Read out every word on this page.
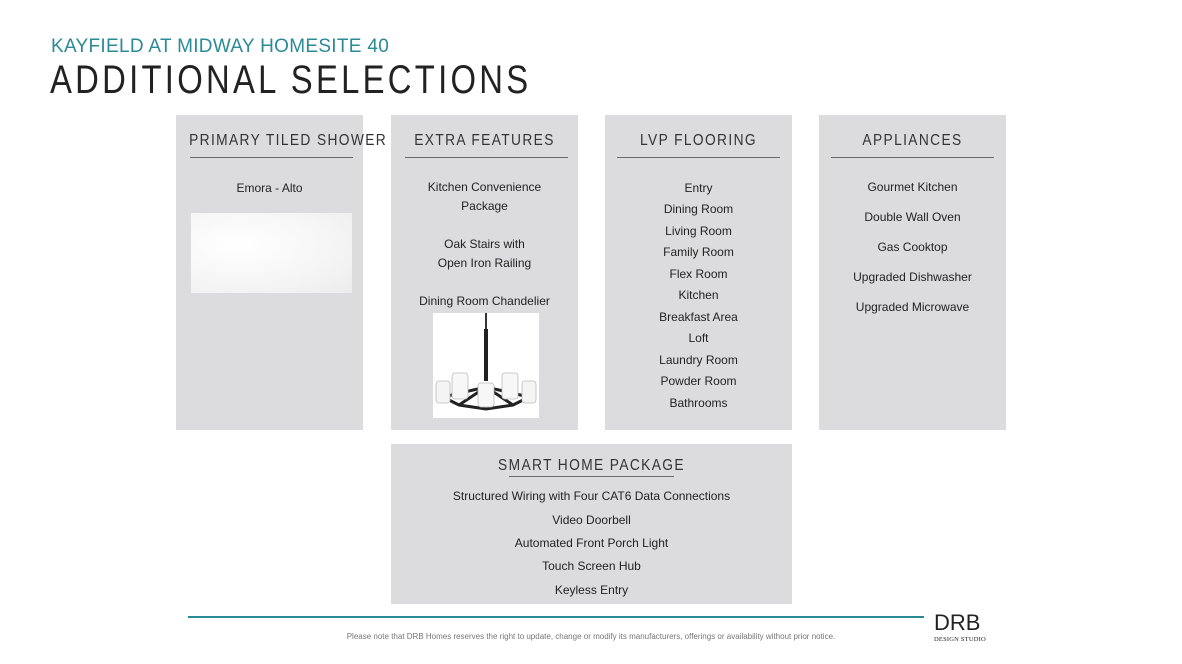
KAYFIELD AT MIDWAY HOMESITE 40
ADDITIONAL SELECTIONS
PRIMARY TILED SHOWER
Emora - Alto
EXTRA FEATURES
Kitchen Convenience
Package
Oak Stairs with
Open Iron Railing
Dining Room Chandelier
LVP FLOORING
Entry
Dining Room
Living Room
Family Room
Flex Room
Kitchen
Breakfast Area
Loft
Laundry Room
Powder Room
Bathrooms
APPLIANCES
Gourmet Kitchen
Double Wall Oven
Gas Cooktop
Upgraded Dishwasher
Upgraded Microwave
SMART HOME PACKAGE
Structured Wiring with Four CAT6 Data Connections
Video Doorbell
Automated Front Porch Light
Touch Screen Hub
Keyless Entry
Please note that DRB Homes reserves the right to update, change or modify its manufacturers, offerings or availability without prior notice.
DRB
DESIGN STUDIO
